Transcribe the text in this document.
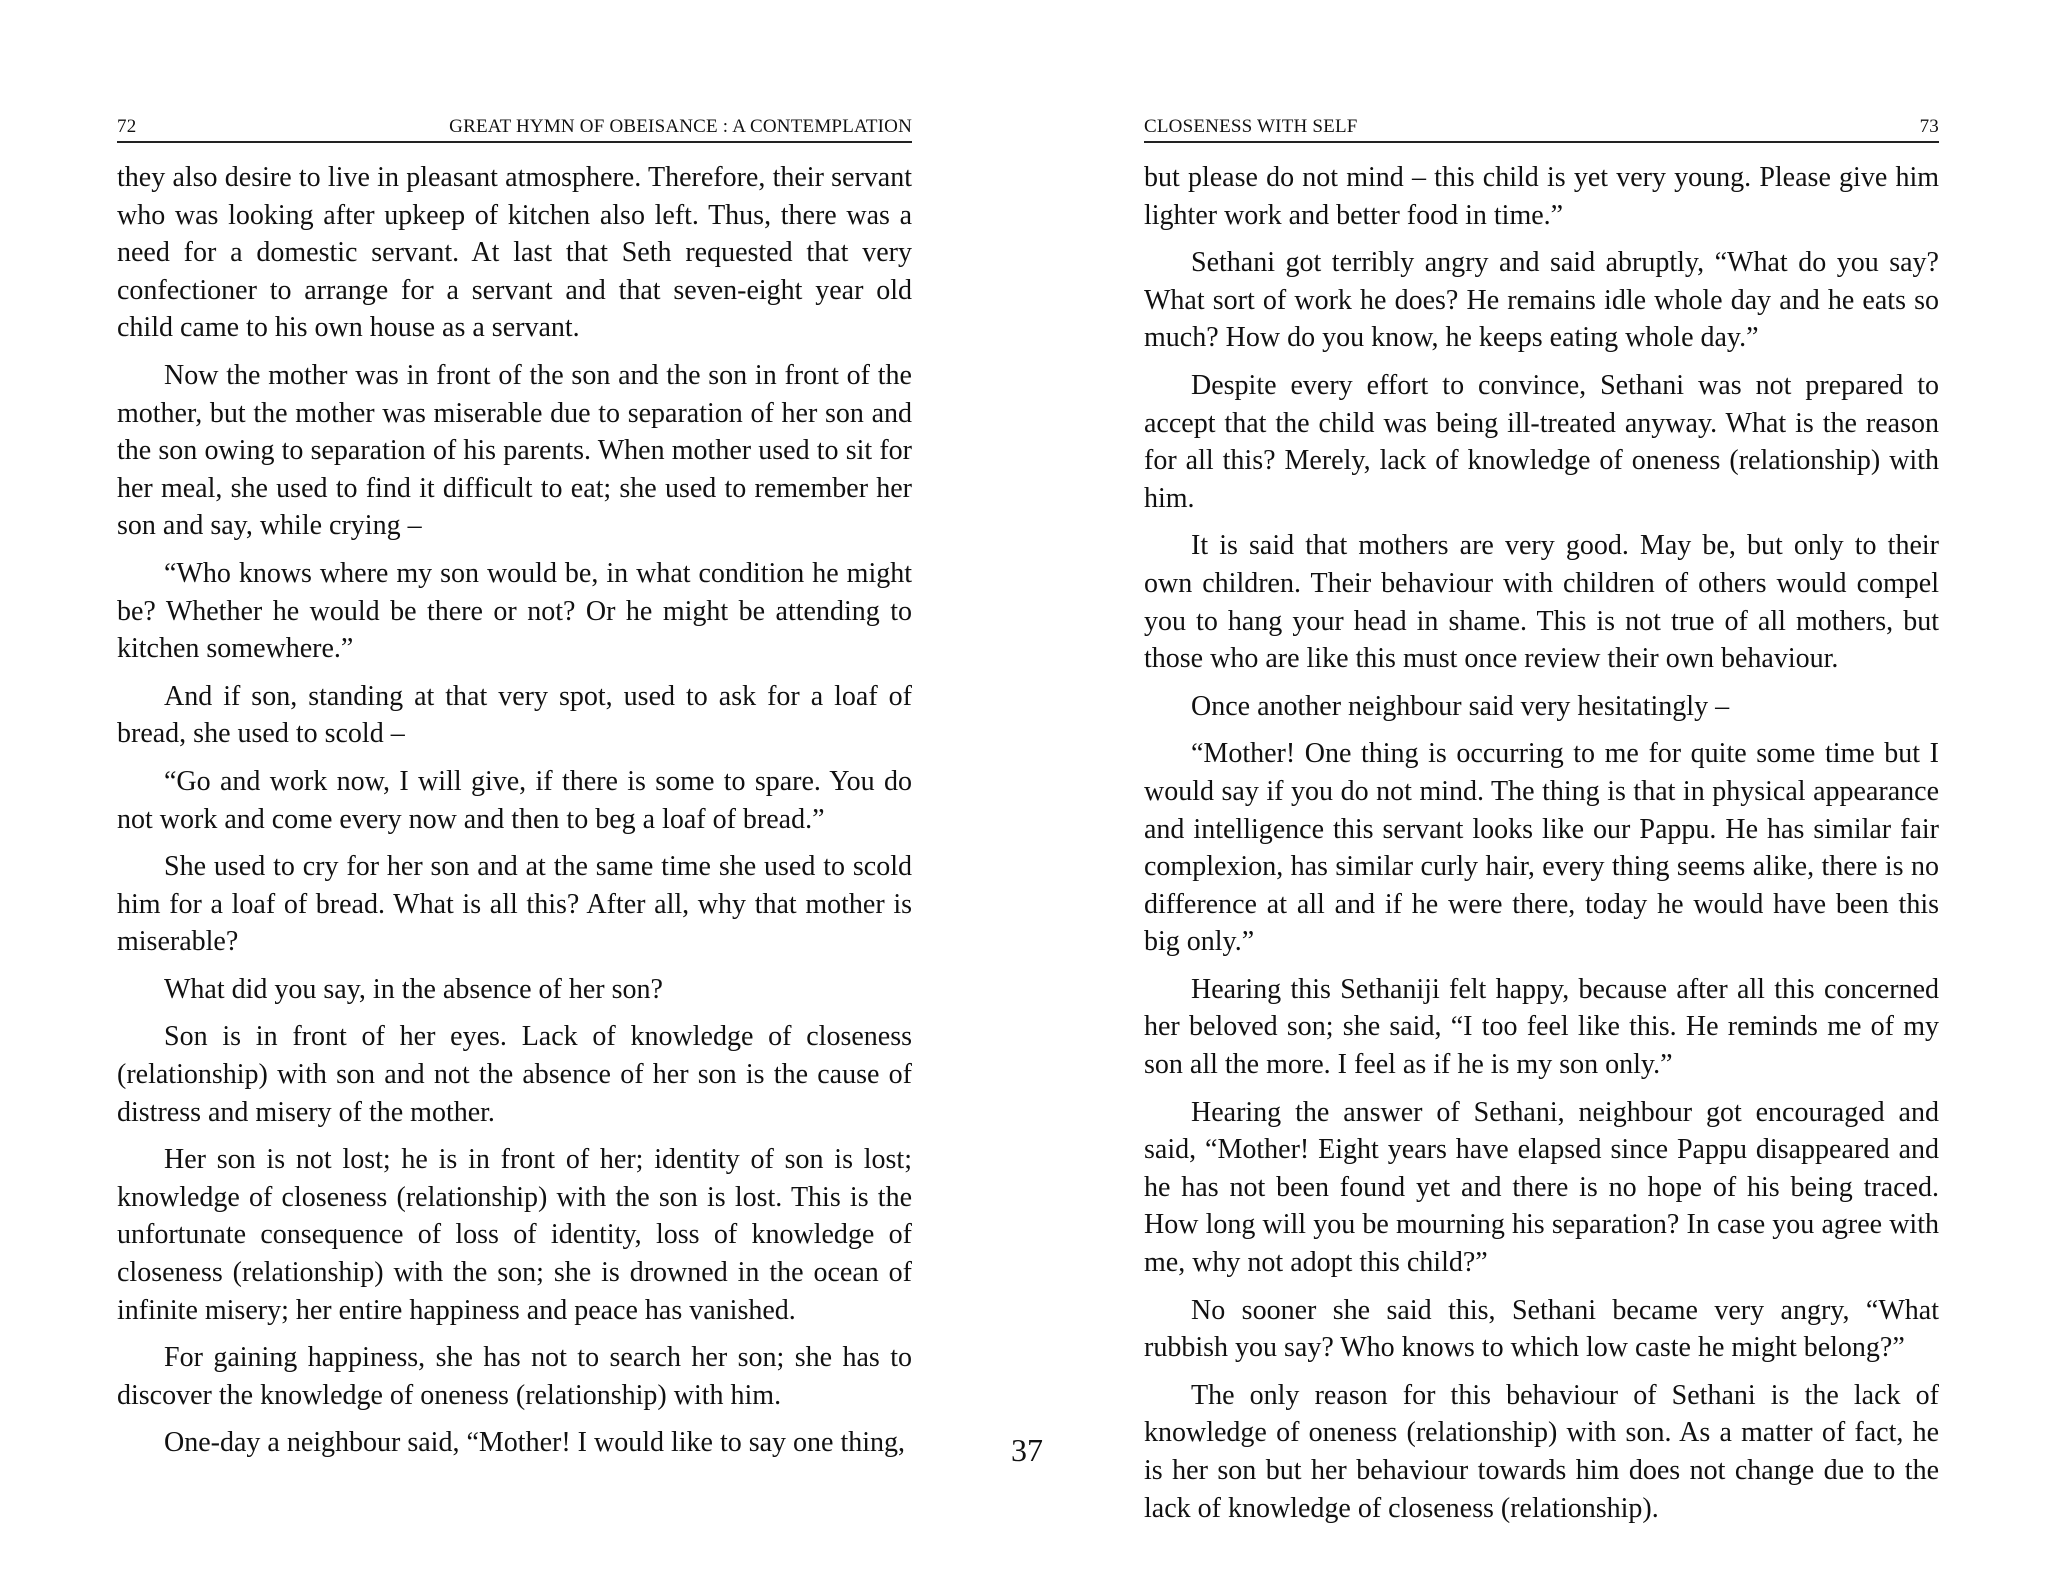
72	GREAT HYMN OF OBEISANCE : A CONTEMPLATION

they also desire to live in pleasant atmosphere. Therefore, their servant who was looking after upkeep of kitchen also left. Thus, there was a need for a domestic servant. At last that Seth requested that very confectioner to arrange for a servant and that seven-eight year old child came to his own house as a servant.

Now the mother was in front of the son and the son in front of the mother, but the mother was miserable due to separation of her son and the son owing to separation of his parents. When mother used to sit for her meal, she used to find it difficult to eat; she used to remember her son and say, while crying –

“Who knows where my son would be, in what condition he might be? Whether he would be there or not? Or he might be attending to kitchen somewhere.”

And if son, standing at that very spot, used to ask for a loaf of bread, she used to scold –

“Go and work now, I will give, if there is some to spare. You do not work and come every now and then to beg a loaf of bread.”

She used to cry for her son and at the same time she used to scold him for a loaf of bread. What is all this? After all, why that mother is miserable?

What did you say, in the absence of her son?

Son is in front of her eyes. Lack of knowledge of closeness (relationship) with son and not the absence of her son is the cause of distress and misery of the mother.

Her son is not lost; he is in front of her; identity of son is lost; knowledge of closeness (relationship) with the son is lost. This is the unfortunate consequence of loss of identity, loss of knowledge of closeness (relationship) with the son; she is drowned in the ocean of infinite misery; her entire happiness and peace has vanished.

For gaining happiness, she has not to search her son; she has to discover the knowledge of oneness (relationship) with him.

One-day a neighbour said, “Mother! I would like to say one thing,	37
CLOSENESS WITH SELF	73

but please do not mind – this child is yet very young. Please give him lighter work and better food in time.”

Sethani got terribly angry and said abruptly, “What do you say? What sort of work he does? He remains idle whole day and he eats so much? How do you know, he keeps eating whole day.”

Despite every effort to convince, Sethani was not prepared to accept that the child was being ill-treated anyway. What is the reason for all this? Merely, lack of knowledge of oneness (relationship) with him.

It is said that mothers are very good. May be, but only to their own children. Their behaviour with children of others would compel you to hang your head in shame. This is not true of all mothers, but those who are like this must once review their own behaviour.

Once another neighbour said very hesitatingly –

“Mother! One thing is occurring to me for quite some time but I would say if you do not mind. The thing is that in physical appearance and intelligence this servant looks like our Pappu. He has similar fair complexion, has similar curly hair, every thing seems alike, there is no difference at all and if he were there, today he would have been this big only.”

Hearing this Sethaniji felt happy, because after all this concerned her beloved son; she said, “I too feel like this. He reminds me of my son all the more. I feel as if he is my son only.”

Hearing the answer of Sethani, neighbour got encouraged and said, “Mother! Eight years have elapsed since Pappu disappeared and he has not been found yet and there is no hope of his being traced. How long will you be mourning his separation? In case you agree with me, why not adopt this child?”

No sooner she said this, Sethani became very angry, “What rubbish you say? Who knows to which low caste he might belong?”

The only reason for this behaviour of Sethani is the lack of knowledge of oneness (relationship) with son. As a matter of fact, he is her son but her behaviour towards him does not change due to the lack of knowledge of closeness (relationship).
